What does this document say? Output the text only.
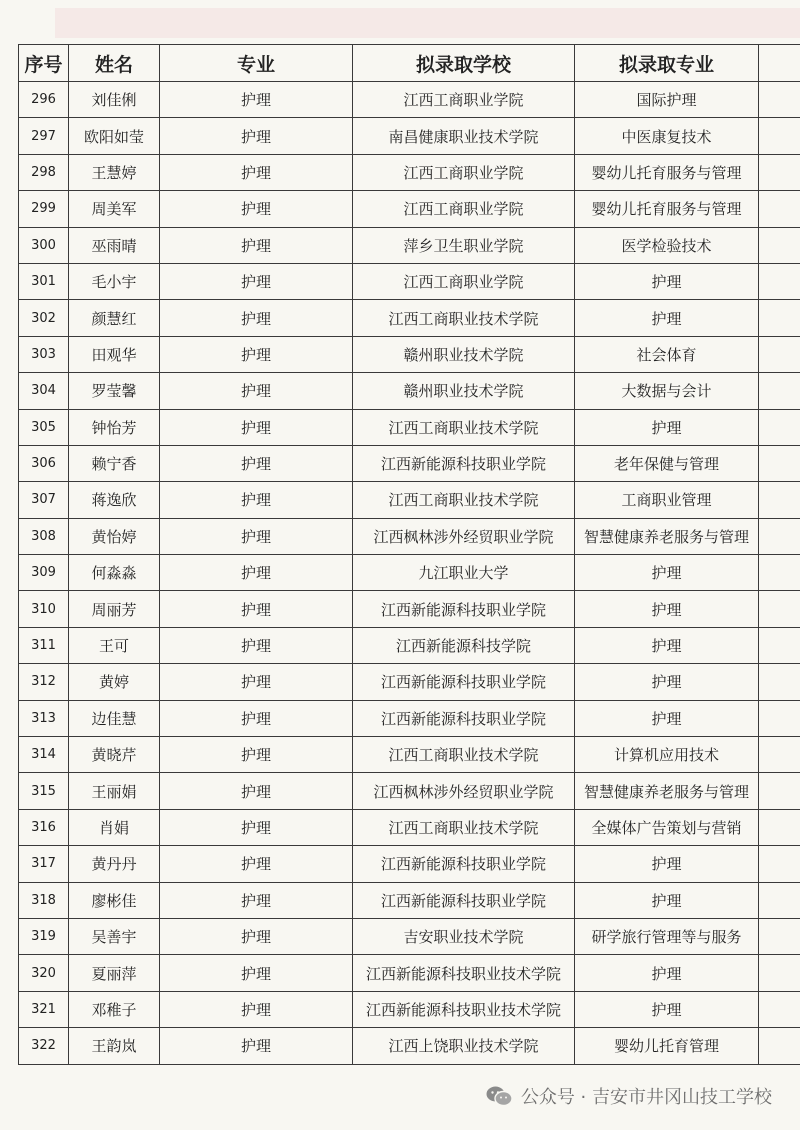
序号	姓名	专业	拟录取学校	拟录取专业	
296	刘佳俐	护理	江西工商职业学院	国际护理	
297	欧阳如莹	护理	南昌健康职业技术学院	中医康复技术	
298	王慧婷	护理	江西工商职业学院	婴幼儿托育服务与管理	
299	周美军	护理	江西工商职业学院	婴幼儿托育服务与管理	
300	巫雨晴	护理	萍乡卫生职业学院	医学检验技术	
301	毛小宇	护理	江西工商职业学院	护理	
302	颜慧红	护理	江西工商职业技术学院	护理	
303	田观华	护理	赣州职业技术学院	社会体育	
304	罗莹馨	护理	赣州职业技术学院	大数据与会计	
305	钟怡芳	护理	江西工商职业技术学院	护理	
306	赖宁香	护理	江西新能源科技职业学院	老年保健与管理	
307	蒋逸欣	护理	江西工商职业技术学院	工商职业管理	
308	黄怡婷	护理	江西枫林涉外经贸职业学院	智慧健康养老服务与管理	
309	何淼淼	护理	九江职业大学	护理	
310	周丽芳	护理	江西新能源科技职业学院	护理	
311	王可	护理	江西新能源科技学院	护理	
312	黄婷	护理	江西新能源科技职业学院	护理	
313	边佳慧	护理	江西新能源科技职业学院	护理	
314	黄晓芹	护理	江西工商职业技术学院	计算机应用技术	
315	王丽娟	护理	江西枫林涉外经贸职业学院	智慧健康养老服务与管理	
316	肖娟	护理	江西工商职业技术学院	全媒体广告策划与营销	
317	黄丹丹	护理	江西新能源科技职业学院	护理	
318	廖彬佳	护理	江西新能源科技职业学院	护理	
319	吴善宇	护理	吉安职业技术学院	研学旅行管理等与服务	
320	夏丽萍	护理	江西新能源科技职业技术学院	护理	
321	邓稚子	护理	江西新能源科技职业技术学院	护理	
322	王韵岚	护理	江西上饶职业技术学院	婴幼儿托育管理	
公众号 · 吉安市井冈山技工学校
